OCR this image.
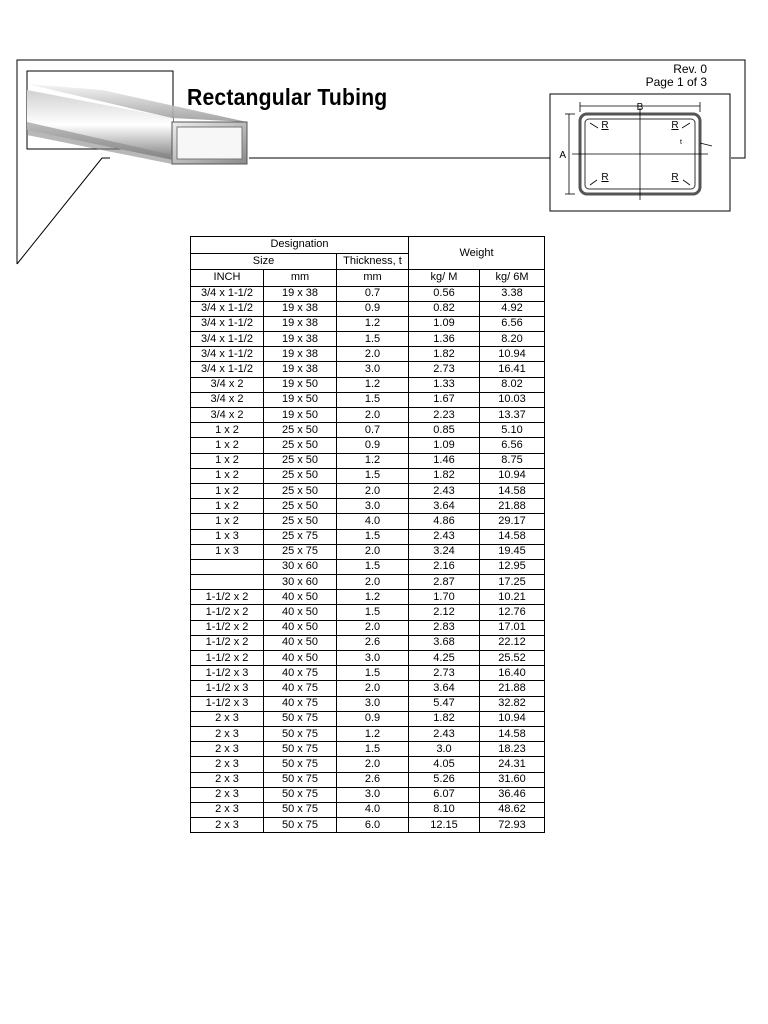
B
A
t
R	R
R	R
Rectangular Tubing
Rev. 0
Page 1 of 3
Designation			Weight	
Size		Thickness, t		
INCH	mm	mm	kg/ M	kg/ 6M
3/4 x 1-1/2	19 x 38	0.7	0.56	3.38
3/4 x 1-1/2	19 x 38	0.9	0.82	4.92
3/4 x 1-1/2	19 x 38	1.2	1.09	6.56
3/4 x 1-1/2	19 x 38	1.5	1.36	8.20
3/4 x 1-1/2	19 x 38	2.0	1.82	10.94
3/4 x 1-1/2	19 x 38	3.0	2.73	16.41
3/4 x 2	19 x 50	1.2	1.33	8.02
3/4 x 2	19 x 50	1.5	1.67	10.03
3/4 x 2	19 x 50	2.0	2.23	13.37
1 x 2	25 x 50	0.7	0.85	5.10
1 x 2	25 x 50	0.9	1.09	6.56
1 x 2	25 x 50	1.2	1.46	8.75
1 x 2	25 x 50	1.5	1.82	10.94
1 x 2	25 x 50	2.0	2.43	14.58
1 x 2	25 x 50	3.0	3.64	21.88
1 x 2	25 x 50	4.0	4.86	29.17
1 x 3	25 x 75	1.5	2.43	14.58
1 x 3	25 x 75	2.0	3.24	19.45
	30 x 60	1.5	2.16	12.95
	30 x 60	2.0	2.87	17.25
1-1/2 x 2	40 x 50	1.2	1.70	10.21
1-1/2 x 2	40 x 50	1.5	2.12	12.76
1-1/2 x 2	40 x 50	2.0	2.83	17.01
1-1/2 x 2	40 x 50	2.6	3.68	22.12
1-1/2 x 2	40 x 50	3.0	4.25	25.52
1-1/2 x 3	40 x 75	1.5	2.73	16.40
1-1/2 x 3	40 x 75	2.0	3.64	21.88
1-1/2 x 3	40 x 75	3.0	5.47	32.82
2 x 3	50 x 75	0.9	1.82	10.94
2 x 3	50 x 75	1.2	2.43	14.58
2 x 3	50 x 75	1.5	3.0	18.23
2 x 3	50 x 75	2.0	4.05	24.31
2 x 3	50 x 75	2.6	5.26	31.60
2 x 3	50 x 75	3.0	6.07	36.46
2 x 3	50 x 75	4.0	8.10	48.62
2 x 3	50 x 75	6.0	12.15	72.93
